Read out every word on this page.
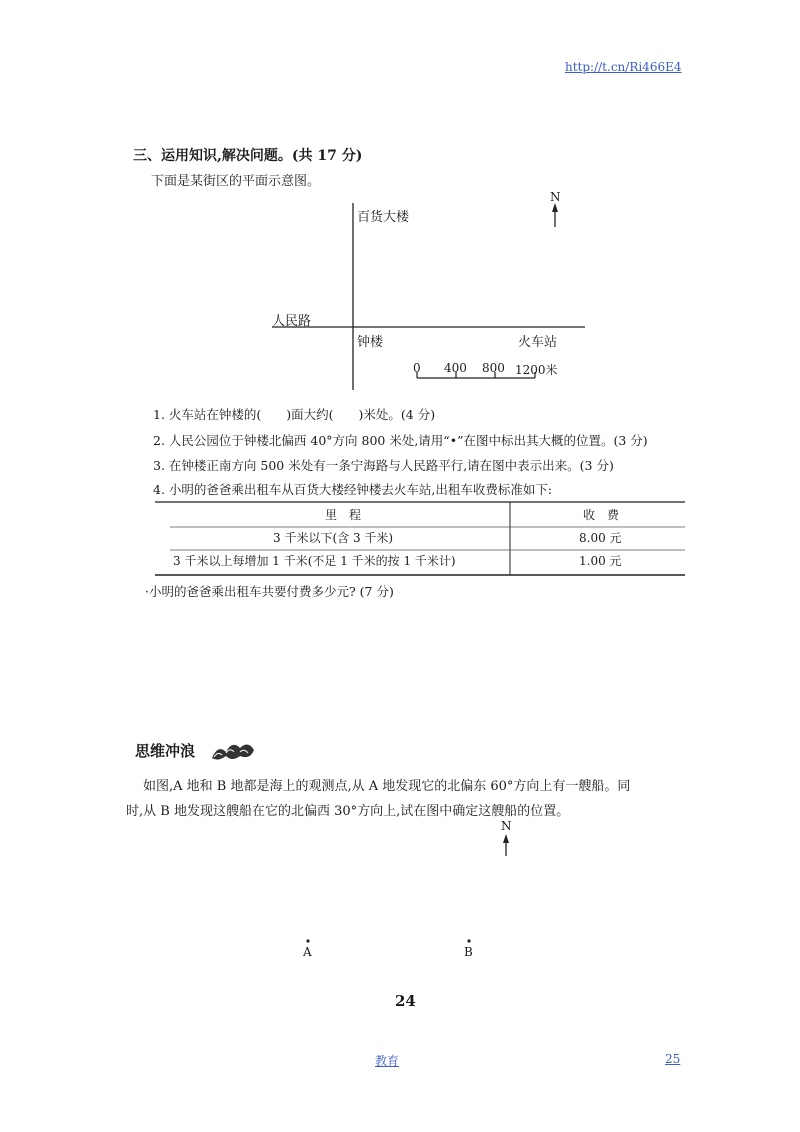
http://t.cn/Ri466E4
三、运用知识,解决问题。(共 17 分)
下面是某街区的平面示意图。
N
百货大楼
人民路
钟楼	火车站
0 400 800 1200米
1. 火车站在钟楼的(　　)面大约(　　)米处。(4 分)
2. 人民公园位于钟楼北偏西 40°方向 800 米处,请用“•”在图中标出其大概的位置。(3 分)
3. 在钟楼正南方向 500 米处有一条宁海路与人民路平行,请在图中表示出来。(3 分)
4. 小明的爸爸乘出租车从百货大楼经钟楼去火车站,出租车收费标准如下:
里　程	收　费
3 千米以下(含 3 千米)	8.00 元
3 千米以上每增加 1 千米(不足 1 千米的按 1 千米计)	1.00 元
·小明的爸爸乘出租车共要付费多少元? (7 分)
思维冲浪
如图,A 地和 B 地都是海上的观测点,从 A 地发现它的北偏东 60°方向上有一艘船。同
时,从 B 地发现这艘船在它的北偏西 30°方向上,试在图中确定这艘船的位置。
N
A	B
24
教育	25
